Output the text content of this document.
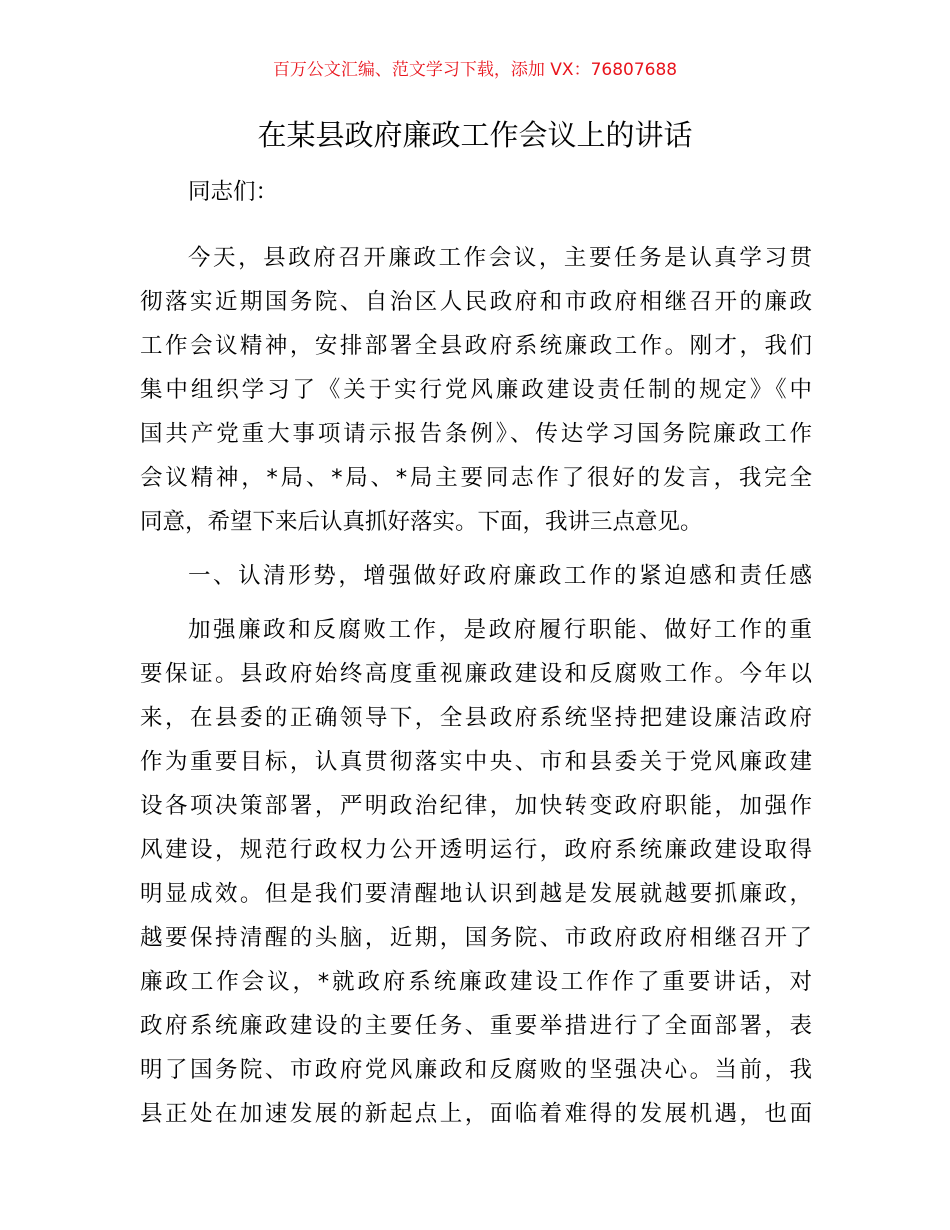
百万公文汇编、范文学习下载，添加 VX：76807688
在某县政府廉政工作会议上的讲话
同志们：
今天，县政府召开廉政工作会议，主要任务是认真学习贯
彻落实近期国务院、自治区人民政府和市政府相继召开的廉政
工作会议精神，安排部署全县政府系统廉政工作。刚才，我们
集中组织学习了《关于实行党风廉政建设责任制的规定》《中
国共产党重大事项请示报告条例》、传达学习国务院廉政工作
会议精神，*局、*局、*局主要同志作了很好的发言，我完全
同意，希望下来后认真抓好落实。下面，我讲三点意见。
一、认清形势，增强做好政府廉政工作的紧迫感和责任感
加强廉政和反腐败工作，是政府履行职能、做好工作的重
要保证。县政府始终高度重视廉政建设和反腐败工作。今年以
来，在县委的正确领导下，全县政府系统坚持把建设廉洁政府
作为重要目标，认真贯彻落实中央、市和县委关于党风廉政建
设各项决策部署，严明政治纪律，加快转变政府职能，加强作
风建设，规范行政权力公开透明运行，政府系统廉政建设取得
明显成效。但是我们要清醒地认识到越是发展就越要抓廉政，
越要保持清醒的头脑，近期，国务院、市政府政府相继召开了
廉政工作会议，*就政府系统廉政建设工作作了重要讲话，对
政府系统廉政建设的主要任务、重要举措进行了全面部署，表
明了国务院、市政府党风廉政和反腐败的坚强决心。当前，我
县正处在加速发展的新起点上，面临着难得的发展机遇，也面
